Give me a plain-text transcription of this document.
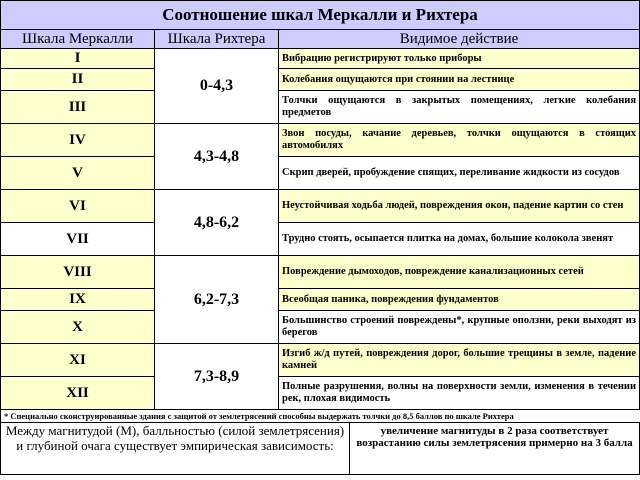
Соотношение шкал Меркалли и Рихтера		
Шкала Меркалли	Шкала Рихтера	Видимое действие
I	0-4,3	Вибрацию регистрируют только приборы
II		Колебания ощущаются при стоянии на лестнице
III		Толчки ощущаются в закрытых помещениях, легкие колебания предметов
IV	4,3-4,8	Звон посуды, качание деревьев, толчки ощущаются в стоящих автомобилях
V		Скрип дверей, пробуждение спящих, переливание жидкости из сосудов
VI	4,8-6,2	Неустойчивая ходьба людей, повреждения окон, падение картин со стен
VII		Трудно стоять, осыпается плитка на домах, большие колокола звенят
VIII	6,2-7,3	Повреждение дымоходов, повреждение канализационных сетей
IX		Всеобщая паника, повреждения фундаментов
X		Большинство строений повреждены*, крупные оползни, реки выходят из берегов
XI	7,3-8,9	Изгиб ж/д путей, повреждения дорог, большие трещины в земле, падение камней
XII		Полные разрушения, волны на поверхности земли, изменения в течении рек, плохая видимость
* Специально сконструированные здания с защитой от землетрясений способны выдержать толчки до 8,5 баллов по шкале Рихтера		
Между магнитудой (М), балльностью (силой землетрясения) и глубиной очага существует эмпирическая зависимость:	увеличение магнитуды в 2 раза соответствует возрастанию силы землетрясения примерно на 3 балла
